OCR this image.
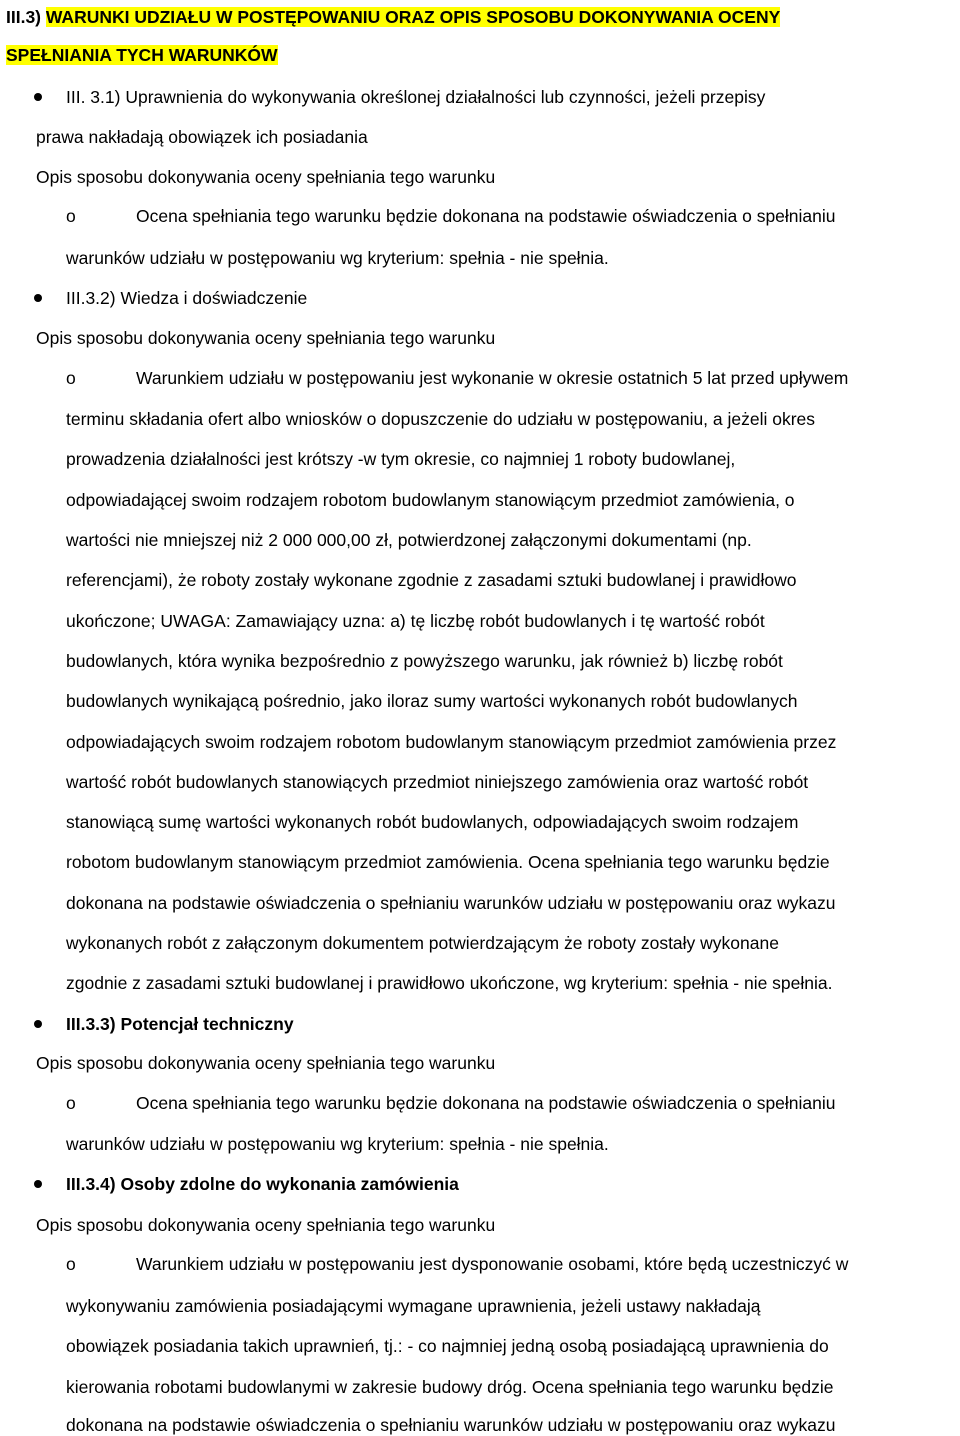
III.3) WARUNKI UDZIAŁU W POSTĘPOWANIU ORAZ OPIS SPOSOBU DOKONYWANIA OCENY
SPEŁNIANIA TYCH WARUNKÓW
III. 3.1) Uprawnienia do wykonywania określonej działalności lub czynności, jeżeli przepisy
prawa nakładają obowiązek ich posiadania
Opis sposobu dokonywania oceny spełniania tego warunku
o	Ocena spełniania tego warunku będzie dokonana na podstawie oświadczenia o spełnianiu
warunków udziału w postępowaniu wg kryterium: spełnia - nie spełnia.
III.3.2) Wiedza i doświadczenie
Opis sposobu dokonywania oceny spełniania tego warunku
o	Warunkiem udziału w postępowaniu jest wykonanie w okresie ostatnich 5 lat przed upływem
terminu składania ofert albo wniosków o dopuszczenie do udziału w postępowaniu, a jeżeli okres
prowadzenia działalności jest krótszy -w tym okresie, co najmniej 1 roboty budowlanej,
odpowiadającej swoim rodzajem robotom budowlanym stanowiącym przedmiot zamówienia, o
wartości nie mniejszej niż 2 000 000,00 zł, potwierdzonej załączonymi dokumentami (np.
referencjami), że roboty zostały wykonane zgodnie z zasadami sztuki budowlanej i prawidłowo
ukończone; UWAGA: Zamawiający uzna: a) tę liczbę robót budowlanych i tę wartość robót
budowlanych, która wynika bezpośrednio z powyższego warunku, jak również b) liczbę robót
budowlanych wynikającą pośrednio, jako iloraz sumy wartości wykonanych robót budowlanych
odpowiadających swoim rodzajem robotom budowlanym stanowiącym przedmiot zamówienia przez
wartość robót budowlanych stanowiących przedmiot niniejszego zamówienia oraz wartość robót
stanowiącą sumę wartości wykonanych robót budowlanych, odpowiadających swoim rodzajem
robotom budowlanym stanowiącym przedmiot zamówienia. Ocena spełniania tego warunku będzie
dokonana na podstawie oświadczenia o spełnianiu warunków udziału w postępowaniu oraz wykazu
wykonanych robót z załączonym dokumentem potwierdzającym że roboty zostały wykonane
zgodnie z zasadami sztuki budowlanej i prawidłowo ukończone, wg kryterium: spełnia - nie spełnia.
III.3.3) Potencjał techniczny
Opis sposobu dokonywania oceny spełniania tego warunku
o	Ocena spełniania tego warunku będzie dokonana na podstawie oświadczenia o spełnianiu
warunków udziału w postępowaniu wg kryterium: spełnia - nie spełnia.
III.3.4) Osoby zdolne do wykonania zamówienia
Opis sposobu dokonywania oceny spełniania tego warunku
o	Warunkiem udziału w postępowaniu jest dysponowanie osobami, które będą uczestniczyć w
wykonywaniu zamówienia posiadającymi wymagane uprawnienia, jeżeli ustawy nakładają
obowiązek posiadania takich uprawnień, tj.: - co najmniej jedną osobą posiadającą uprawnienia do
kierowania robotami budowlanymi w zakresie budowy dróg. Ocena spełniania tego warunku będzie
dokonana na podstawie oświadczenia o spełnianiu warunków udziału w postępowaniu oraz wykazu
